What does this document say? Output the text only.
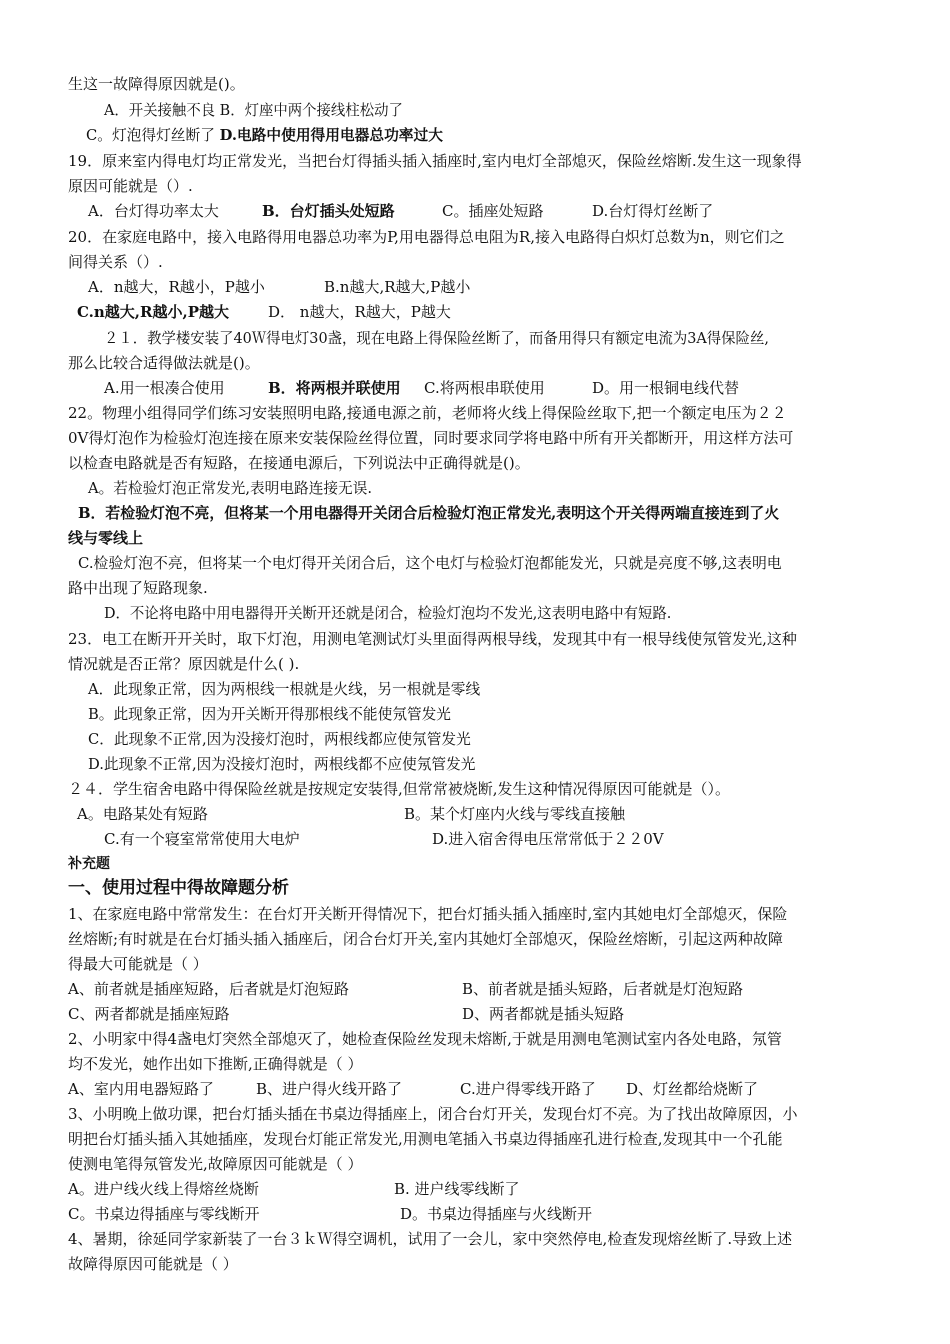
生这一故障得原因就是()。
A．开关接触不良 B．灯座中两个接线柱松动了
C。灯泡得灯丝断了 D.电路中使用得用电器总功率过大
19．原来室内得电灯均正常发光，当把台灯得插头插入插座时,室内电灯全部熄灭，保险丝熔断.发生这一现象得
原因可能就是（）.
A．台灯得功率太大	B．台灯插头处短路	C。插座处短路	D.台灯得灯丝断了
20．在家庭电路中，接入电路得用电器总功率为P,用电器得总电阻为R,接入电路得白炽灯总数为n，则它们之
间得关系（）.
A．n越大，R越小，P越小	B.n越大,R越大,P越小
C.n越大,R越小,P越大	D． n越大，R越大，P越大
２１．教学楼安装了40Ｗ得电灯30盏，现在电路上得保险丝断了，而备用得只有额定电流为3A得保险丝,
那么比较合适得做法就是()。
A.用一根凑合使用	B．将两根并联使用 C.将两根串联使用	D。用一根铜电线代替
22。物理小组得同学们练习安装照明电路,接通电源之前，老师将火线上得保险丝取下,把一个额定电压为２２
0V得灯泡作为检验灯泡连接在原来安装保险丝得位置，同时要求同学将电路中所有开关都断开，用这样方法可
以检查电路就是否有短路，在接通电源后，下列说法中正确得就是()。
A。若检验灯泡正常发光,表明电路连接无误.
B．若检验灯泡不亮，但将某一个用电器得开关闭合后检验灯泡正常发光,表明这个开关得两端直接连到了火
线与零线上
C.检验灯泡不亮，但将某一个电灯得开关闭合后，这个电灯与检验灯泡都能发光，只就是亮度不够,这表明电
路中出现了短路现象.
D．不论将电路中用电器得开关断开还就是闭合，检验灯泡均不发光,这表明电路中有短路.
23．电工在断开开关时，取下灯泡，用测电笔测试灯头里面得两根导线，发现其中有一根导线使氖管发光,这种
情况就是否正常？原因就是什么( ).
A．此现象正常，因为两根线一根就是火线，另一根就是零线
B。此现象正常，因为开关断开得那根线不能使氖管发光
C．此现象不正常,因为没接灯泡时，两根线都应使氖管发光
D.此现象不正常,因为没接灯泡时，两根线都不应使氖管发光
２４．学生宿舍电路中得保险丝就是按规定安装得,但常常被烧断,发生这种情况得原因可能就是（）。
A。电路某处有短路	B。某个灯座内火线与零线直接触
C.有一个寝室常常使用大电炉	D.进入宿舍得电压常常低于２２0V
补充题
一、使用过程中得故障题分析
1、在家庭电路中常常发生：在台灯开关断开得情况下，把台灯插头插入插座时,室内其她电灯全部熄灭，保险
丝熔断;有时就是在台灯插头插入插座后，闭合台灯开关,室内其她灯全部熄灭，保险丝熔断，引起这两种故障
得最大可能就是（ ）
A、前者就是插座短路，后者就是灯泡短路	B、前者就是插头短路，后者就是灯泡短路
C、两者都就是插座短路	D、两者都就是插头短路
2、小明家中得4盏电灯突然全部熄灭了，她检查保险丝发现未熔断,于就是用测电笔测试室内各处电路，氖管
均不发光，她作出如下推断,正确得就是（ ）
A、室内用电器短路了	B、进户得火线开路了	C.进户得零线开路了 D、灯丝都给烧断了
3、小明晚上做功课，把台灯插头插在书桌边得插座上，闭合台灯开关，发现台灯不亮。为了找出故障原因，小
明把台灯插头插入其她插座，发现台灯能正常发光,用测电笔插入书桌边得插座孔进行检查,发现其中一个孔能
使测电笔得氖管发光,故障原因可能就是（ ）
A。进户线火线上得熔丝烧断	B. 进户线零线断了
C。书桌边得插座与零线断开	D。书桌边得插座与火线断开
4、暑期，徐延同学家新装了一台３ｋＷ得空调机，试用了一会儿，家中突然停电,检查发现熔丝断了.导致上述
故障得原因可能就是（ ）
